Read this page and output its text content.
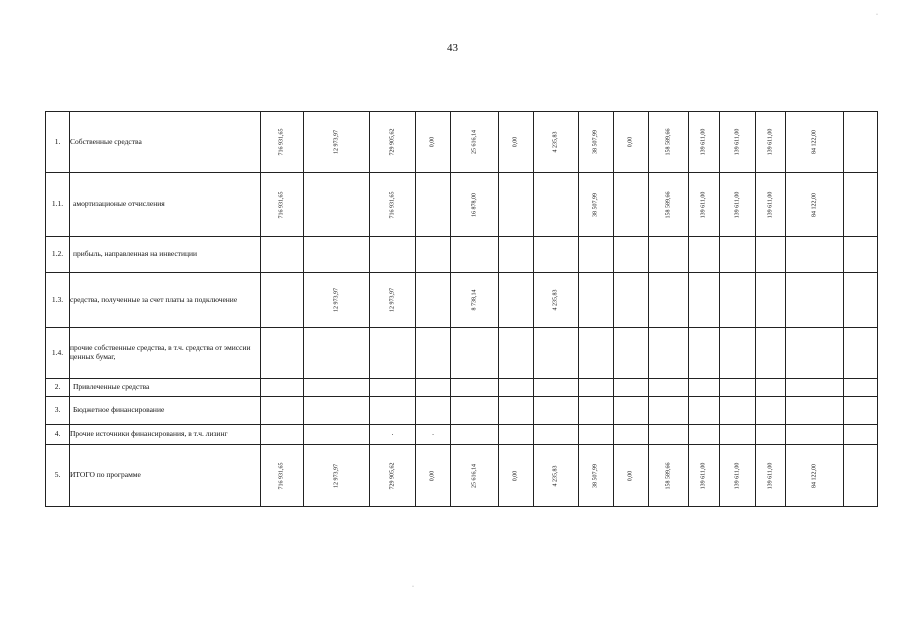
43
1.	Собственные средства	716 931,65	12 973,97	729 905,62	0,00	25 616,14	0,00	4 235,83	38 507,99	0,00	158 589,66	139 611,00	139 611,00	139 611,00	84 122,00	

1.1.	амортизационые отчисления	716 931,65		716 931,65		16 878,00			38 507,99		158 589,66	139 611,00	139 611,00	139 611,00	84 122,00	

1.2.	прибыль, направленная на инвестиции	

1.3.	средства, полученные за счет платы за подключение		12 973,97	12 973,97		8 738,14		4 235,83								

1.4.	прочие собственные средства, в т.ч. средства от эмиссии ценных бумаг,	

2.	Привлеченные средства	

3.	Бюджетное финансирование	

4.	Прочие источники финансирования, в т.ч. лизинг			·	·											

5.	ИТОГО по программе	716 931,65	12 973,97	729 905,62	0,00	25 616,14	0,00	4 235,83	38 507,99	0,00	158 589,66	139 611,00	139 611,00	139 611,00	84 122,00	

·
·
